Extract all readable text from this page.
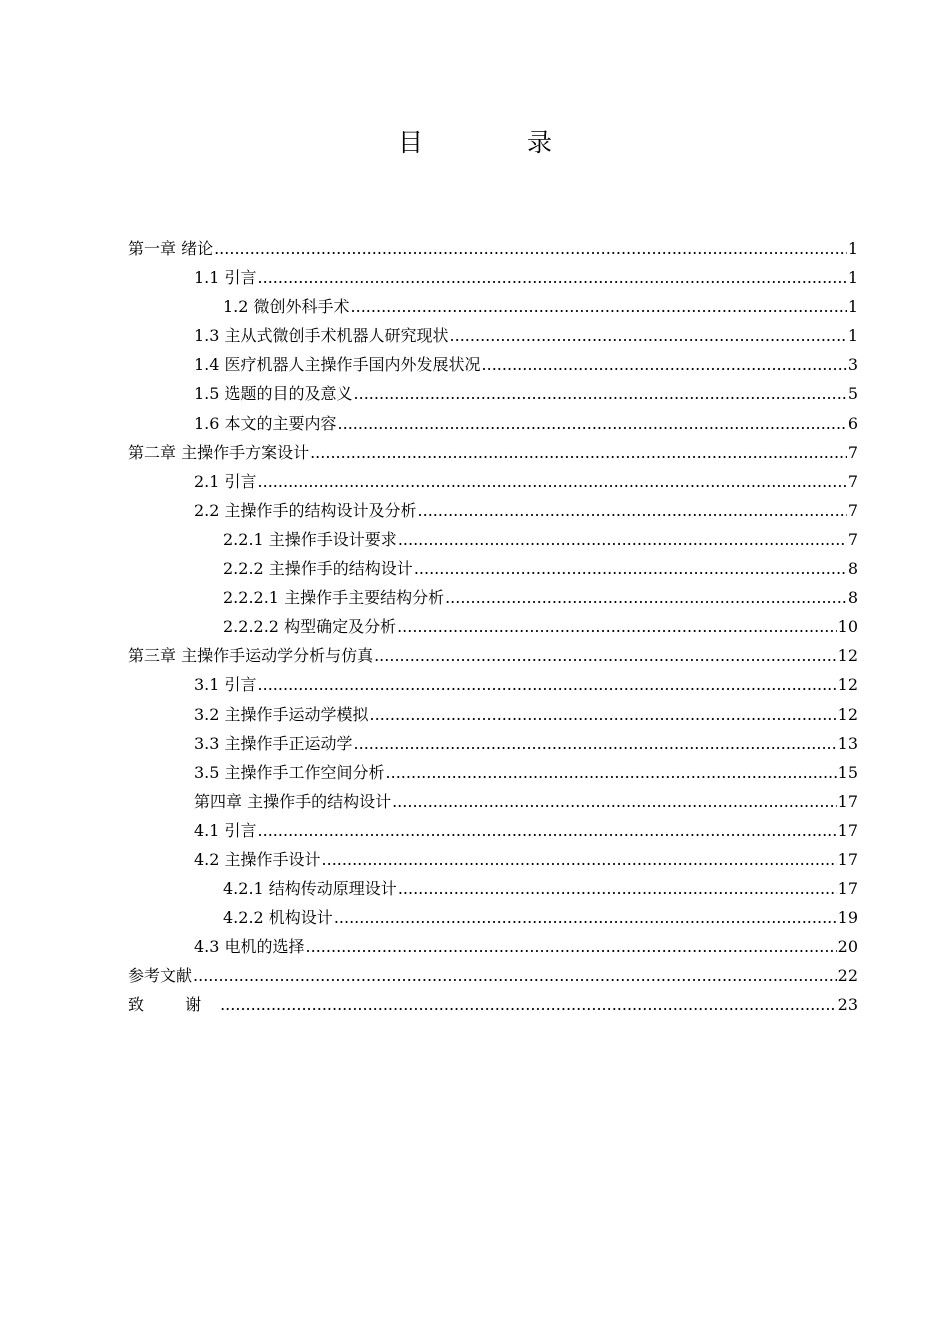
目 录
第一章 绪论 .....	1
1.1 引言 .....	1
1.2 微创外科手术 .....	1
1.3 主从式微创手术机器人研究现状 .....	1
1.4 医疗机器人主操作手国内外发展状况 .....	3
1.5 选题的目的及意义 .....	5
1.6 本文的主要内容 .....	6
第二章 主操作手方案设计 .....	7
2.1 引言 .....	7
2.2 主操作手的结构设计及分析 .....	7
2.2.1 主操作手设计要求 .....	7
2.2.2 主操作手的结构设计 .....	8
2.2.2.1 主操作手主要结构分析 .....	8
2.2.2.2 构型确定及分析 .....	10
第三章 主操作手运动学分析与仿真 .....	12
3.1 引言 .....	12
3.2 主操作手运动学模拟 .....	12
3.3 主操作手正运动学 .....	13
3.5 主操作手工作空间分析 .....	15
第四章 主操作手的结构设计 .....	17
4.1 引言 .....	17
4.2 主操作手设计 .....	17
4.2.1 结构传动原理设计 .....	17
4.2.2 机构设计 .....	19
4.3 电机的选择 .....	20
参考文献 .....	22
致 谢 .....	23
